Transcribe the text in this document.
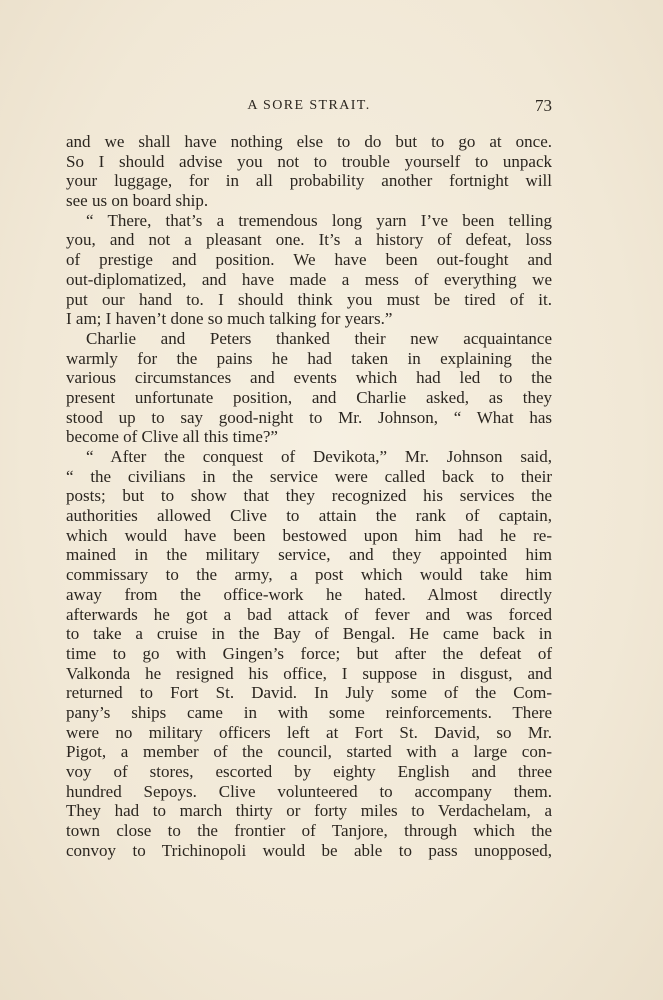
A SORE STRAIT.	73
and we shall have nothing else to do but to go at once.
So I should advise you not to trouble yourself to unpack
your luggage, for in all probability another fortnight will
see us on board ship.
“ There, that’s a tremendous long yarn I’ve been telling
you, and not a pleasant one. It’s a history of defeat, loss
of prestige and position. We have been out-fought and
out-diplomatized, and have made a mess of everything we
put our hand to. I should think you must be tired of it.
I am; I haven’t done so much talking for years.”
Charlie and Peters thanked their new acquaintance
warmly for the pains he had taken in explaining the
various circumstances and events which had led to the
present unfortunate position, and Charlie asked, as they
stood up to say good-night to Mr. Johnson, “ What has
become of Clive all this time?”
“ After the conquest of Devikota,” Mr. Johnson said,
“ the civilians in the service were called back to their
posts; but to show that they recognized his services the
authorities allowed Clive to attain the rank of captain,
which would have been bestowed upon him had he re-
mained in the military service, and they appointed him
commissary to the army, a post which would take him
away from the office-work he hated. Almost directly
afterwards he got a bad attack of fever and was forced
to take a cruise in the Bay of Bengal. He came back in
time to go with Gingen’s force; but after the defeat of
Valkonda he resigned his office, I suppose in disgust, and
returned to Fort St. David. In July some of the Com-
pany’s ships came in with some reinforcements. There
were no military officers left at Fort St. David, so Mr.
Pigot, a member of the council, started with a large con-
voy of stores, escorted by eighty English and three
hundred Sepoys. Clive volunteered to accompany them.
They had to march thirty or forty miles to Verdachelam, a
town close to the frontier of Tanjore, through which the
convoy to Trichinopoli would be able to pass unopposed,
